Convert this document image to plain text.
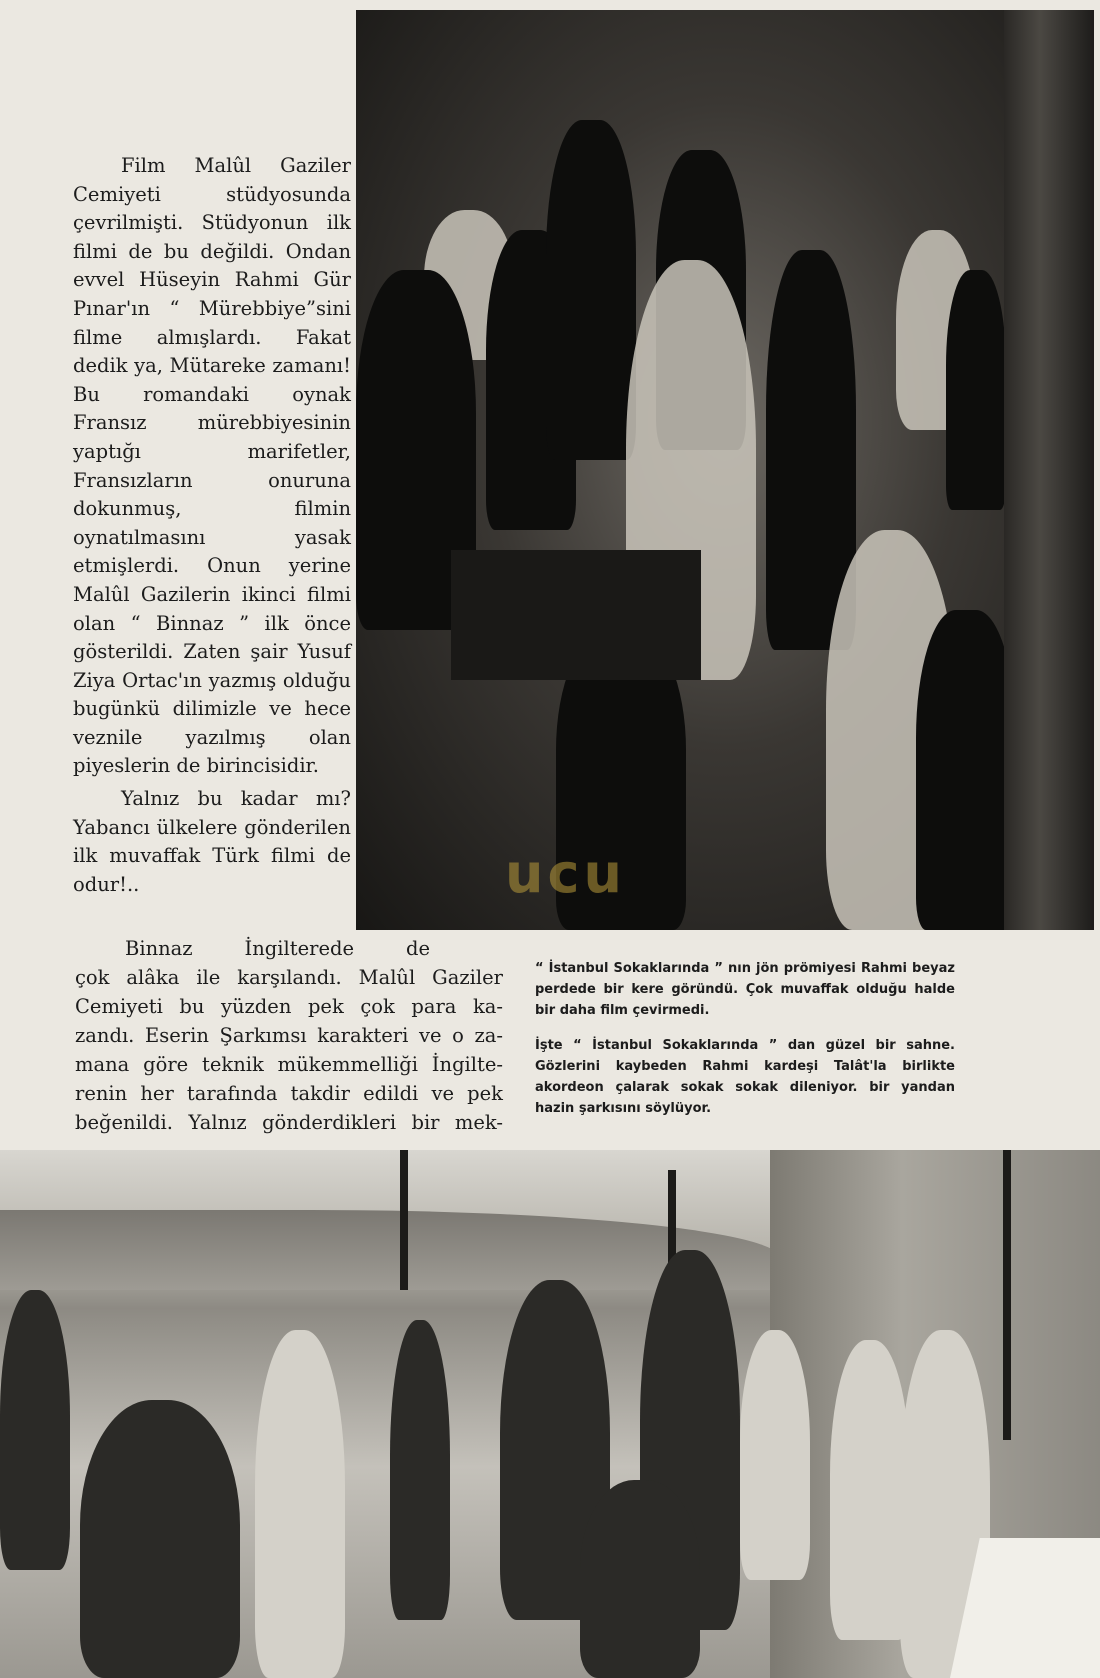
ucu

Film Malûl Gaziler Cemiyeti stüdyosunda çevrilmişti. Stüdyonun ilk filmi de bu değildi. Ondan evvel Hüseyin Rahmi Gür Pınar'ın “ Mürebbiye”sini filme almışlardı. Fakat dedik ya, Mütareke zamanı! Bu romandaki oynak Fransız mürebbiyesinin yaptığı marifetler, Fransızların onuruna dokunmuş, filmin oynatılmasını yasak etmişlerdi. Onun yerine Malûl Gazilerin ikinci filmi olan “ Binnaz ” ilk önce gösterildi. Zaten şair Yusuf Ziya Ortac'ın yazmış olduğu bugünkü dilimizle ve hece veznile yazılmış olan piyeslerin de birincisidir.

Yalnız bu kadar mı? Yabancı ülkelere gönderilen ilk muvaffak Türk filmi de odur!..

Binnaz İngilterede de
çok alâka ile karşılandı. Malûl Gaziler
Cemiyeti bu yüzden pek çok para ka-
zandı. Eserin Şarkımsı karakteri ve o za-
mana göre teknik mükemmelliği İngilte-
renin her tarafında takdir edildi ve pek
beğenildi. Yalnız gönderdikleri bir mek-

“ İstanbul Sokaklarında ” nın jön prömiyesi Rahmi beyaz perdede bir kere göründü. Çok muvaffak olduğu halde bir daha film çevirmedi.

İşte “ İstanbul Sokaklarında ” dan güzel bir sahne. Gözlerini kaybeden Rahmi kardeşi Talât'la birlikte akordeon çalarak sokak sokak dileniyor. bir yandan hazin şarkısını söylüyor.
